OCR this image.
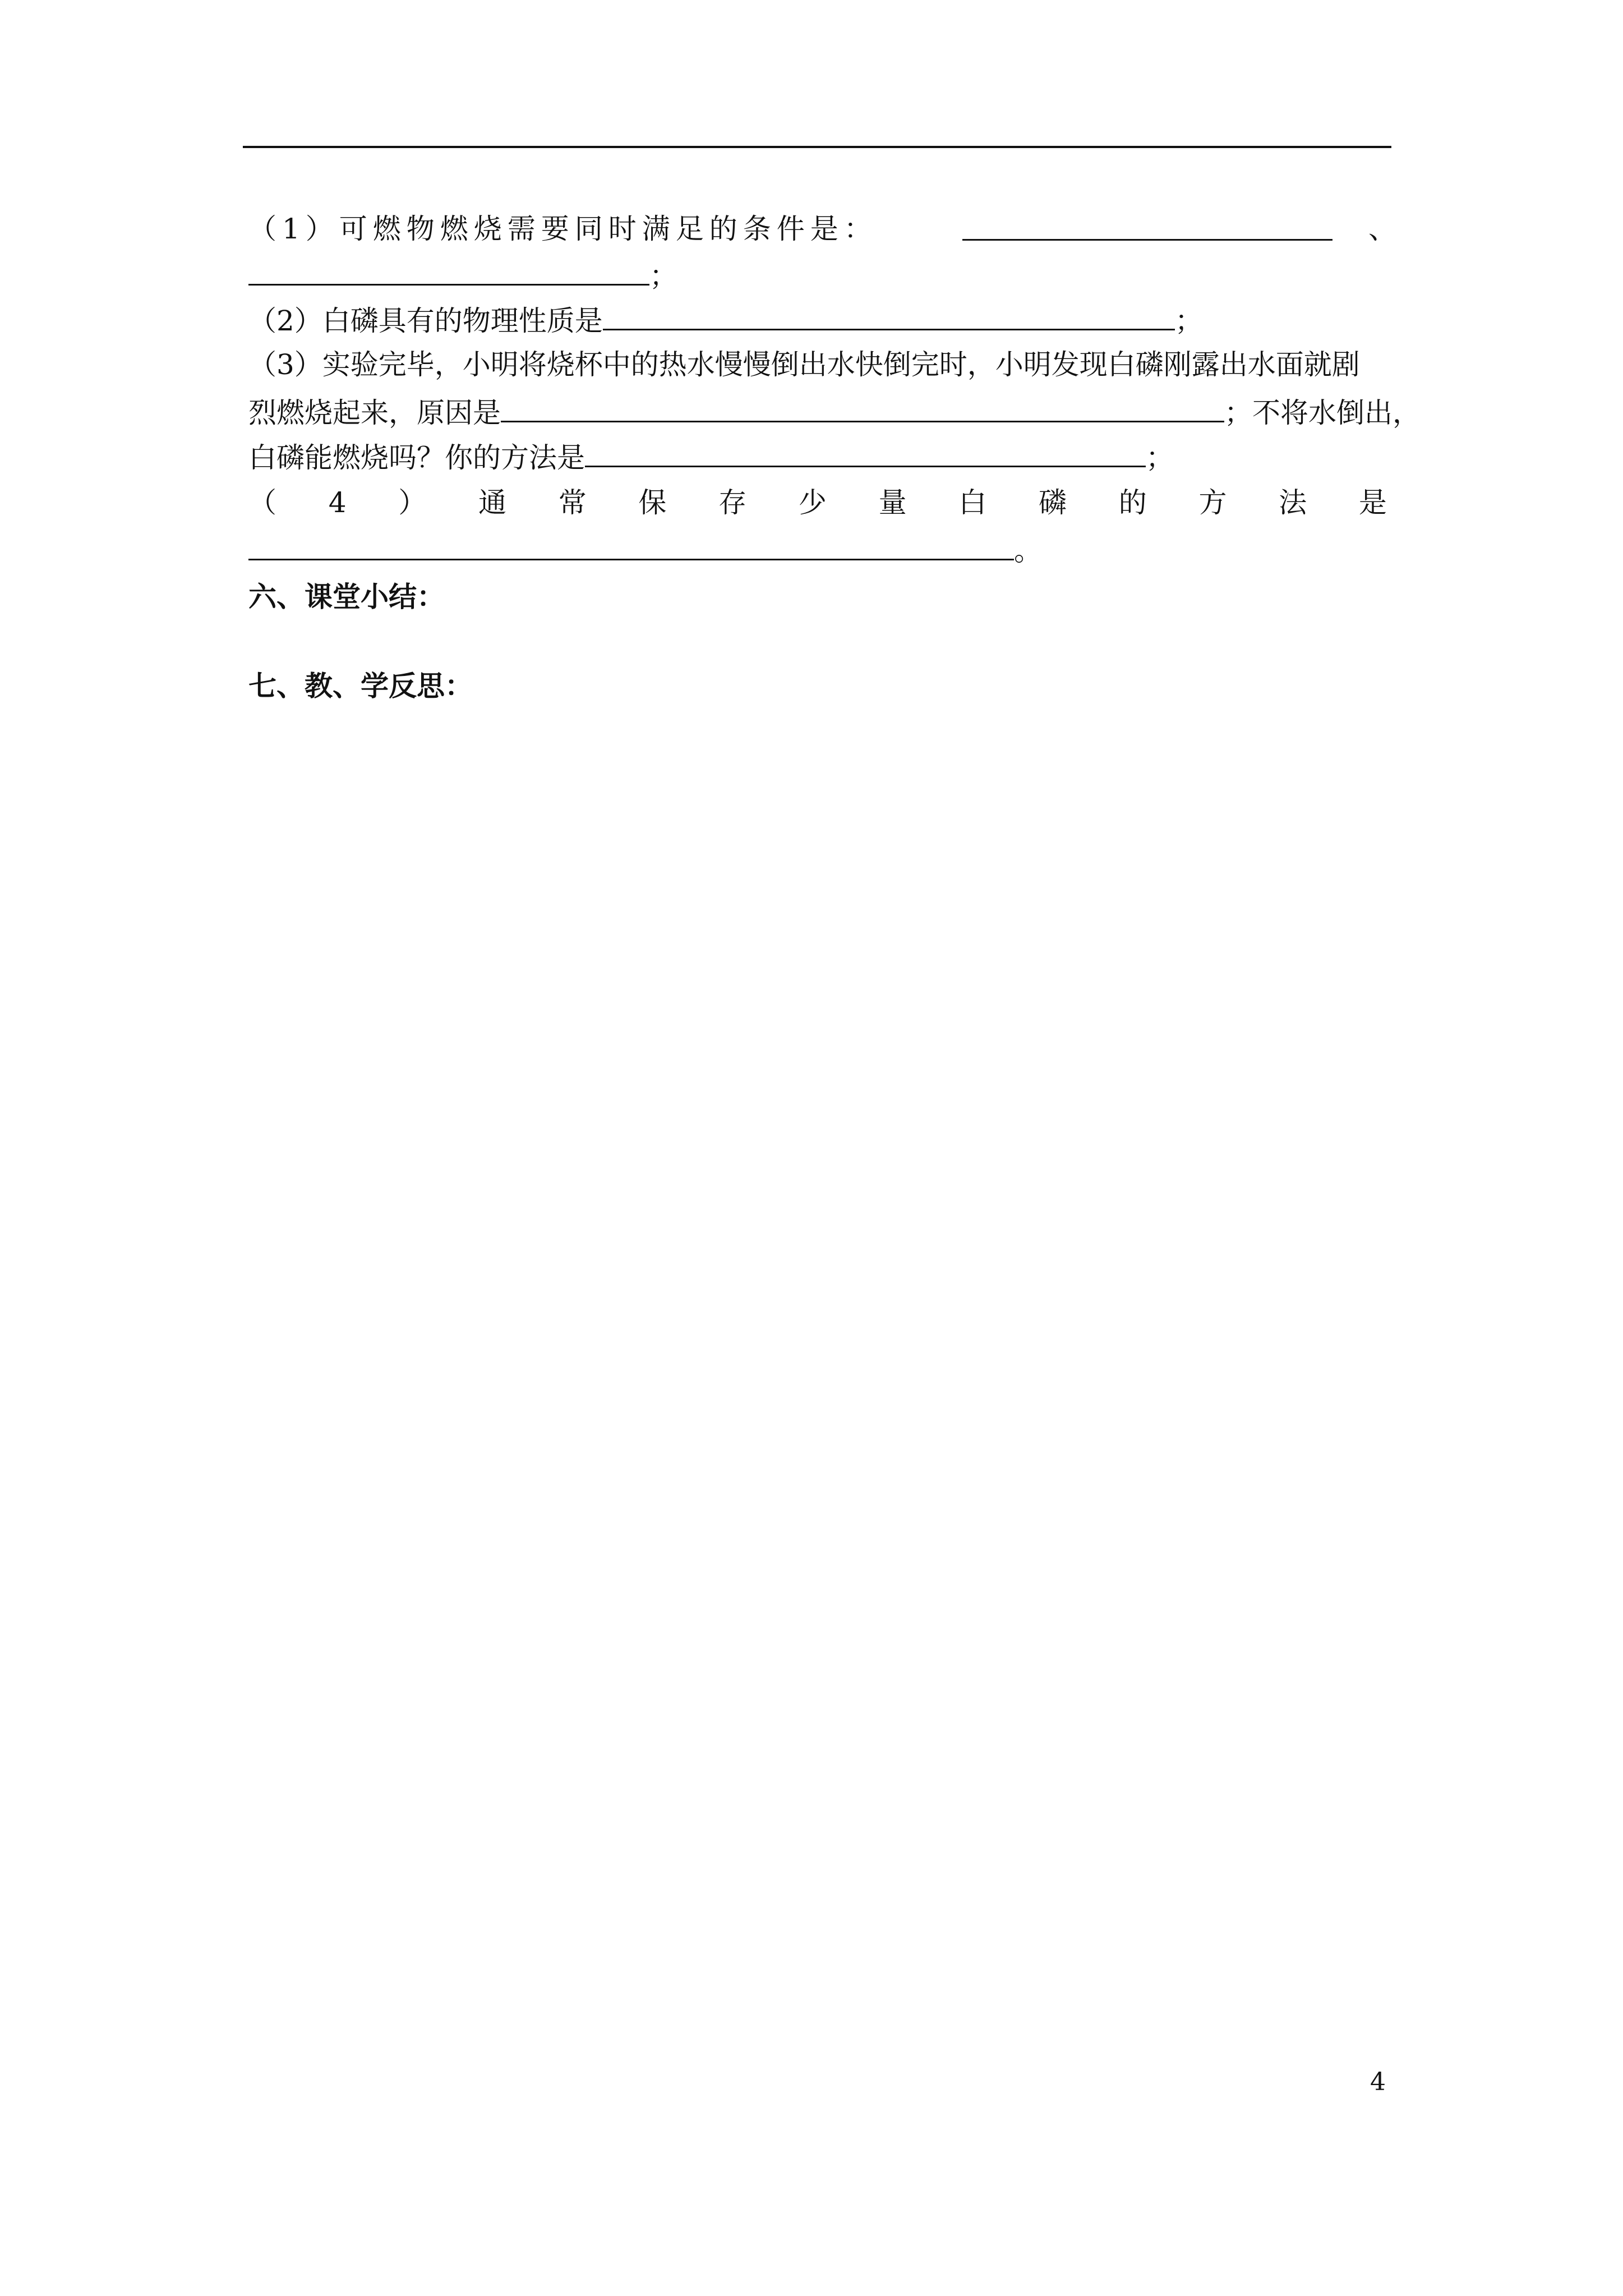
（1）可燃物燃烧需要同时满足的条件是：	、
；
（2）白磷具有的物理性质是	；
（3）实验完毕，小明将烧杯中的热水慢慢倒出水快倒完时，小明发现白磷刚露出水面就剧
烈燃烧起来，原因是	；不将水倒出，
白磷能燃烧吗？你的方法是	；
（ 4 ） 通 常 保 存 少 量 白 磷 的 方 法 是
。
六、课堂小结：
七、教、学反思：
4
